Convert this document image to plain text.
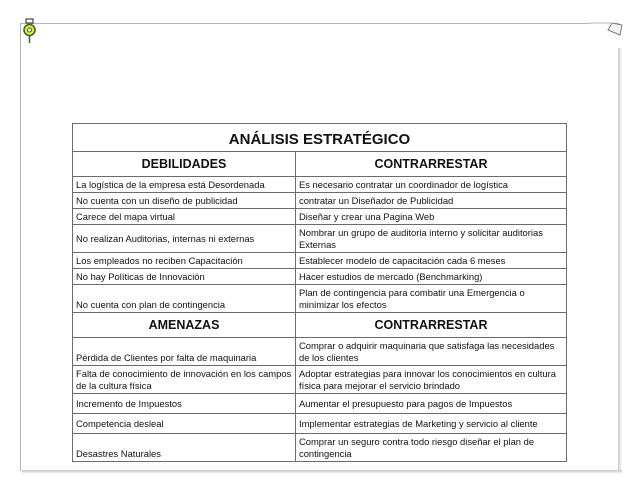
ANÁLISIS ESTRATÉGICO	
DEBILIDADES	CONTRARRESTAR
La logística de la empresa está Desordenada	Es necesario contratar un coordinador de logística
No cuenta con un diseño de publicidad	contratar un Diseñador de Publicidad
Carece del mapa virtual	Diseñar y crear una Pagina Web
No realizan Auditorias, internas ni externas	Nombrar un grupo de auditoria interno y solicitar auditorias Externas
Los empleados no reciben Capacitación	Establecer modelo de capacitación cada 6 meses
No hay Políticas de Innovación	Hacer estudios de mercado (Benchmarking)
No cuenta con plan de contingencia	Plan de contingencia para combatir una Emergencia o minimizar los efectos
AMENAZAS	CONTRARRESTAR
Pérdida de Clientes por falta de maquinaria	Comprar o adquirir maquinaria que satisfaga las necesidades de los clientes
Falta de conocimiento de innovación en los campos de la cultura física	Adoptar estrategias para innovar los conocimientos en cultura física para mejorar el servicio brindado
Incremento de Impuestos	Aumentar el presupuesto para pagos de Impuestos
Competencia desleal	Implementar estrategias de Marketing y servicio al cliente
Desastres Naturales	Comprar un seguro contra todo riesgo diseñar el plan de contingencia
